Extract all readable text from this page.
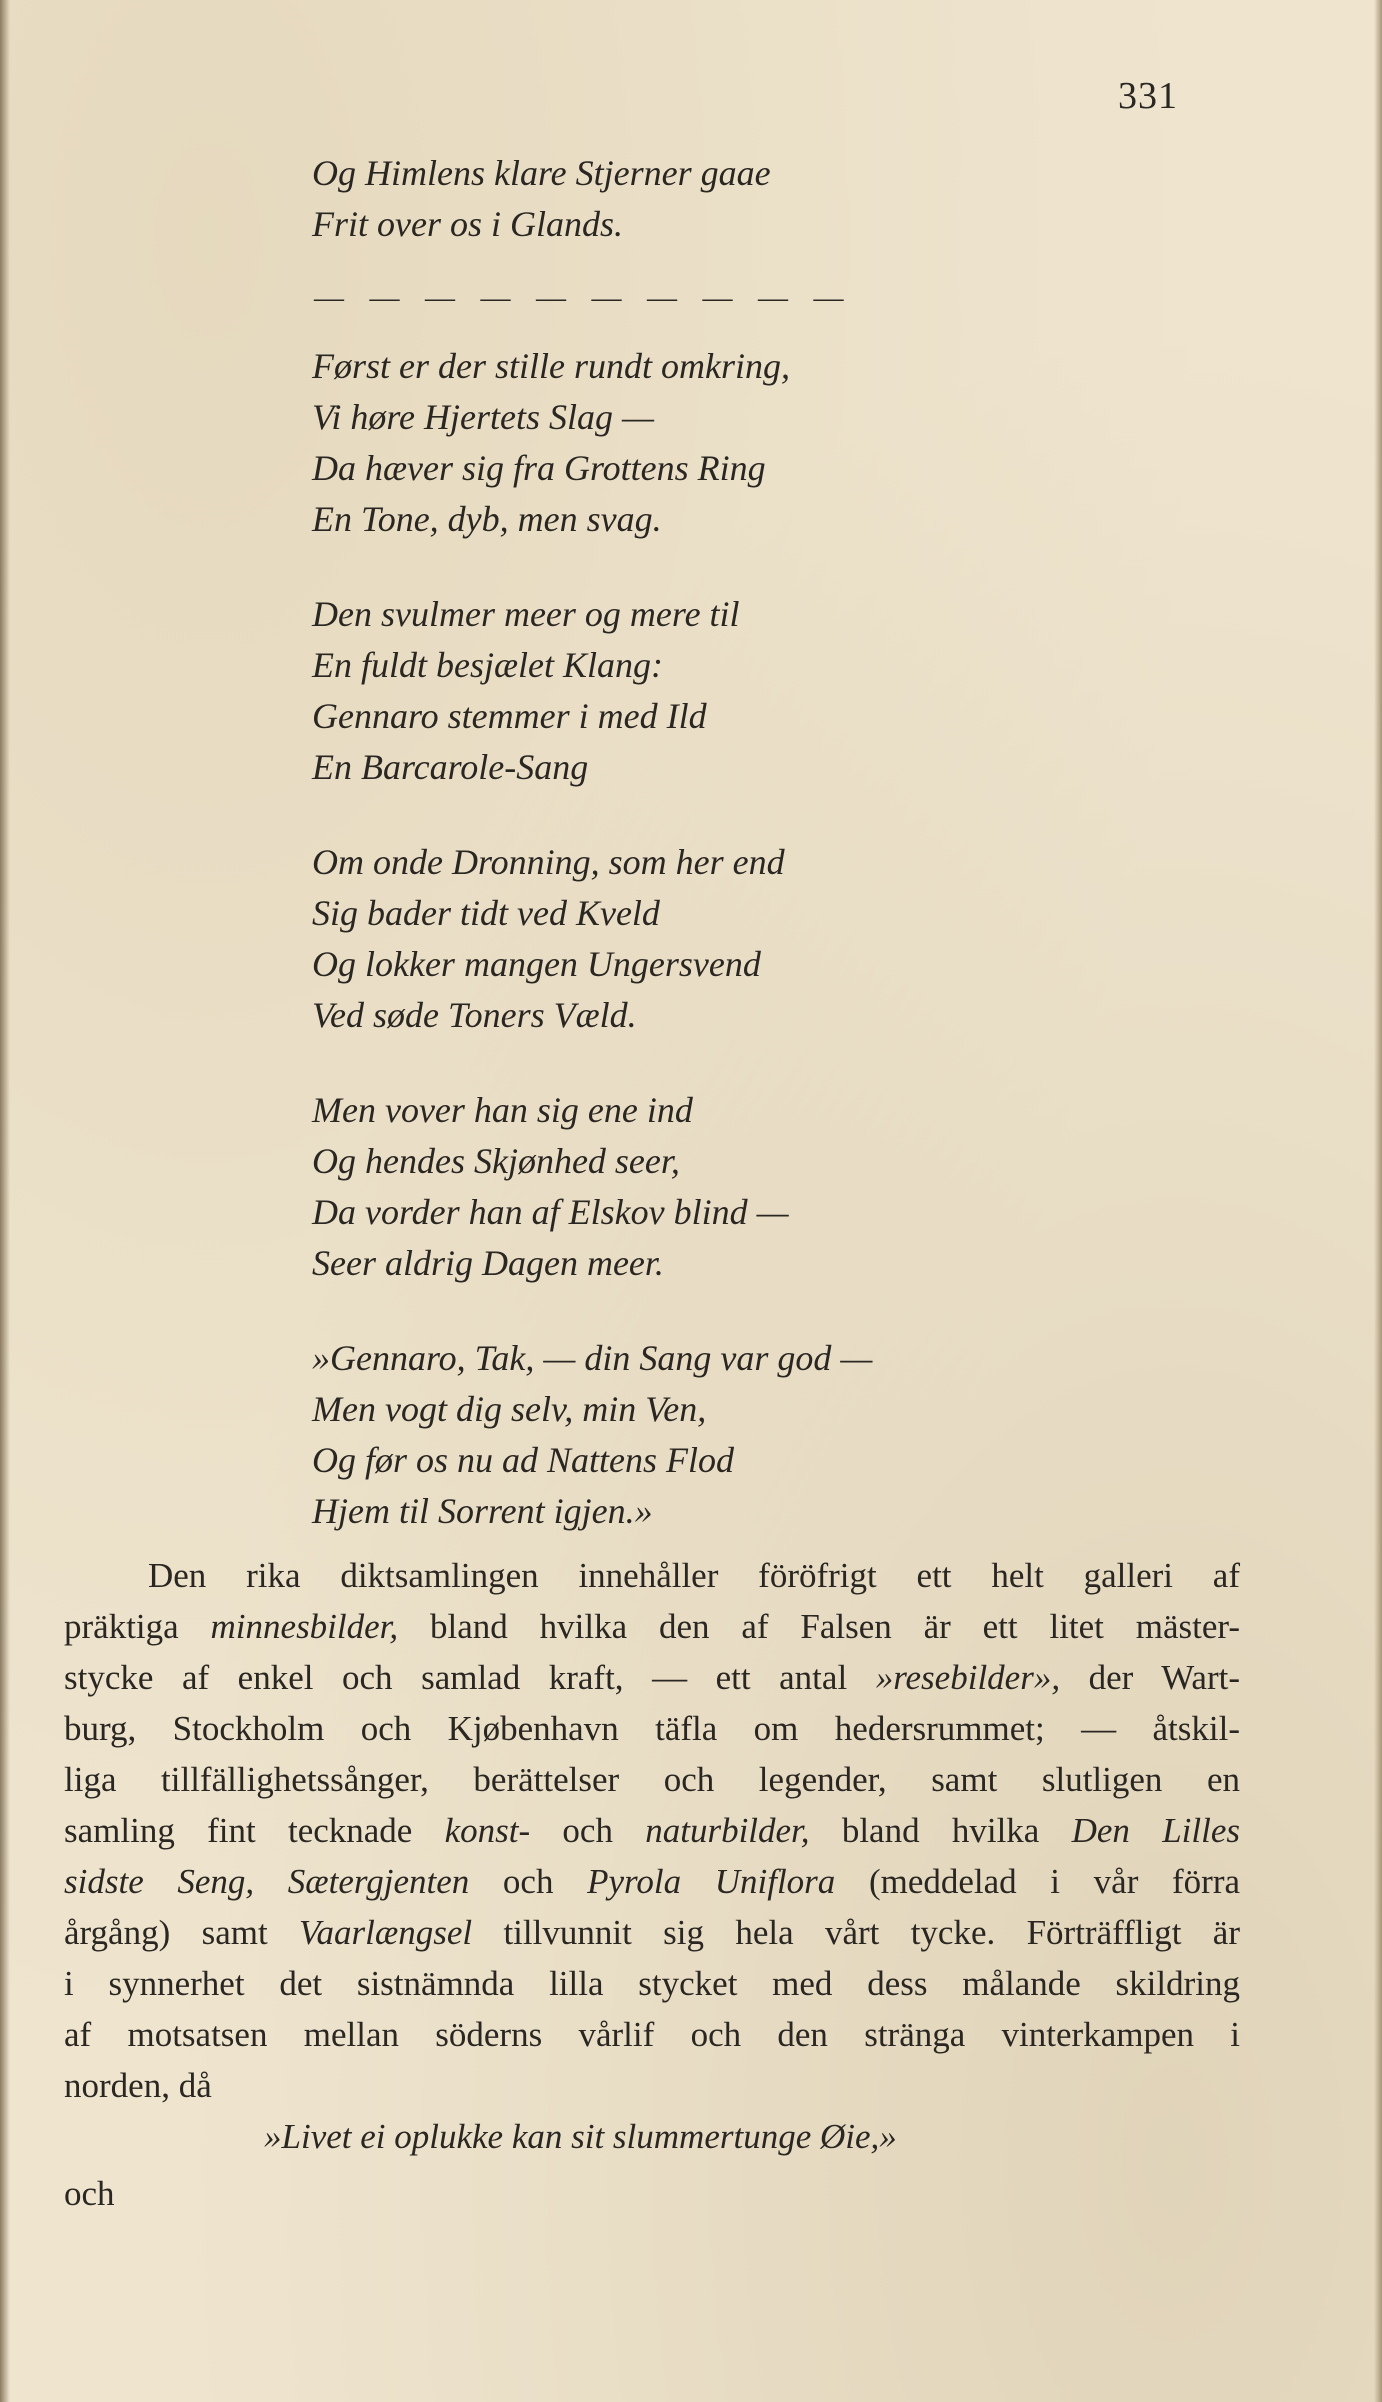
331
Og Himlens klare Stjerner gaae
Frit over os i Glands.
— — — — — — — — — —
Først er der stille rundt omkring,
Vi høre Hjertets Slag —
Da hæver sig fra Grottens Ring
En Tone, dyb, men svag.
Den svulmer meer og mere til
En fuldt besjælet Klang:
Gennaro stemmer i med Ild
En Barcarole-Sang
Om onde Dronning, som her end
Sig bader tidt ved Kveld
Og lokker mangen Ungersvend
Ved søde Toners Væld.
Men vover han sig ene ind
Og hendes Skjønhed seer,
Da vorder han af Elskov blind —
Seer aldrig Dagen meer.
»Gennaro, Tak, — din Sang var god —
Men vogt dig selv, min Ven,
Og før os nu ad Nattens Flod
Hjem til Sorrent igjen.»
Den rika diktsamlingen innehåller föröfrigt ett helt galleri af
präktiga minnesbilder, bland hvilka den af Falsen är ett litet mäster-
stycke af enkel och samlad kraft, — ett antal »resebilder», der Wart-
burg, Stockholm och Kjøbenhavn täfla om hedersrummet; — åtskil-
liga tillfällighetssånger, berättelser och legender, samt slutligen en
samling fint tecknade konst- och naturbilder, bland hvilka Den Lilles
sidste Seng, Sætergjenten och Pyrola Uniflora (meddelad i vår förra
årgång) samt Vaarlængsel tillvunnit sig hela vårt tycke. Förträffligt är
i synnerhet det sistnämnda lilla stycket med dess målande skildring
af motsatsen mellan söderns vårlif och den stränga vinterkampen i
norden, då
»Livet ei oplukke kan sit slummertunge Øie,»
och
